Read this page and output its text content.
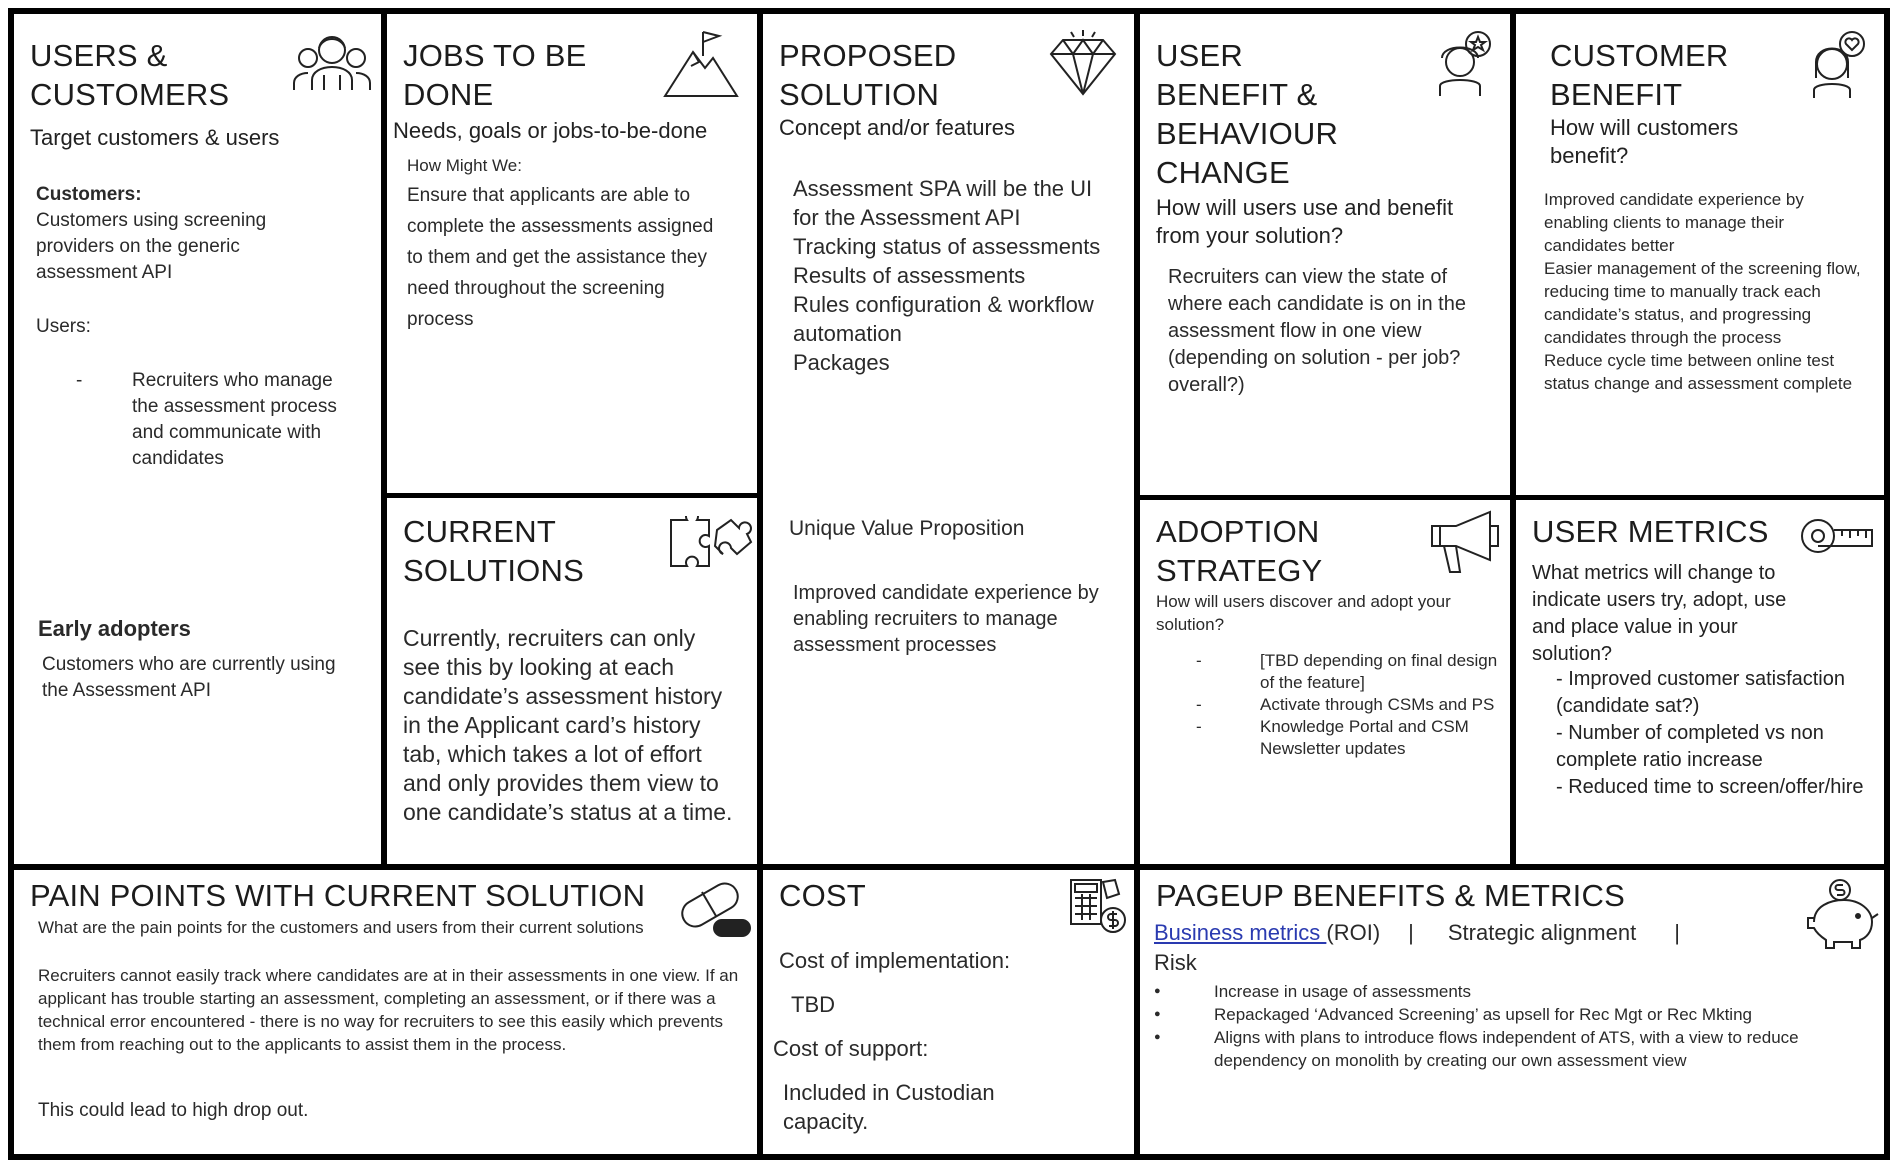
USERS &
CUSTOMERS
Target customers & users
Customers:
Customers using screening providers on the generic assessment API
Users:
- Recruiters who manage the assessment process and communicate with candidates
Early adopters
Customers who are currently using the Assessment API
JOBS TO BE
DONE
Needs, goals or jobs-to-be-done
How Might We:
Ensure that applicants are able to complete the assessments assigned to them and get the assistance they need throughout the screening process
CURRENT
SOLUTIONS
Currently, recruiters can only see this by looking at each candidate’s assessment history in the Applicant card’s history tab, which takes a lot of effort and only provides them view to one candidate’s status at a time.
PROPOSED
SOLUTION
Concept and/or features
Assessment SPA will be the UI for the Assessment API
Tracking status of assessments
Results of assessments
Rules configuration & workflow automation
Packages
Unique Value Proposition
Improved candidate experience by enabling recruiters to manage assessment processes
USER
BENEFIT &
BEHAVIOUR
CHANGE
How will users use and benefit from your solution?
Recruiters can view the state of where each candidate is on in the assessment flow in one view (depending on solution - per job? overall?)
CUSTOMER
BENEFIT
How will customers benefit?
Improved candidate experience by enabling clients to manage their candidates better
Easier management of the screening flow, reducing time to manually track each candidate’s status, and progressing candidates through the process
Reduce cycle time between online test status change and assessment complete
ADOPTION
STRATEGY
How will users discover and adopt your solution?
- [TBD depending on final design of the feature]
- Activate through CSMs and PS
- Knowledge Portal and CSM Newsletter updates
USER METRICS
What metrics will change to indicate users try, adopt, use and place value in your solution?
- Improved customer satisfaction (candidate sat?)
- Number of completed vs non complete ratio increase
- Reduced time to screen/offer/hire
PAIN POINTS WITH CURRENT SOLUTION
What are the pain points for the customers and users from their current solutions
Recruiters cannot easily track where candidates are at in their assessments in one view. If an applicant has trouble starting an assessment, completing an assessment, or if there was a technical error encountered - there is no way for recruiters to see this easily which prevents them from reaching out to the applicants to assist them in the process.
This could lead to high drop out.
COST
Cost of implementation:
TBD
Cost of support:
Included in Custodian capacity.
PAGEUP BENEFITS & METRICS
Business metrics (ROI) | Strategic alignment |
Risk
● Increase in usage of assessments
● Repackaged ‘Advanced Screening’ as upsell for Rec Mgt or Rec Mkting
● Aligns with plans to introduce flows independent of ATS, with a view to reduce dependency on monolith by creating our own assessment view
